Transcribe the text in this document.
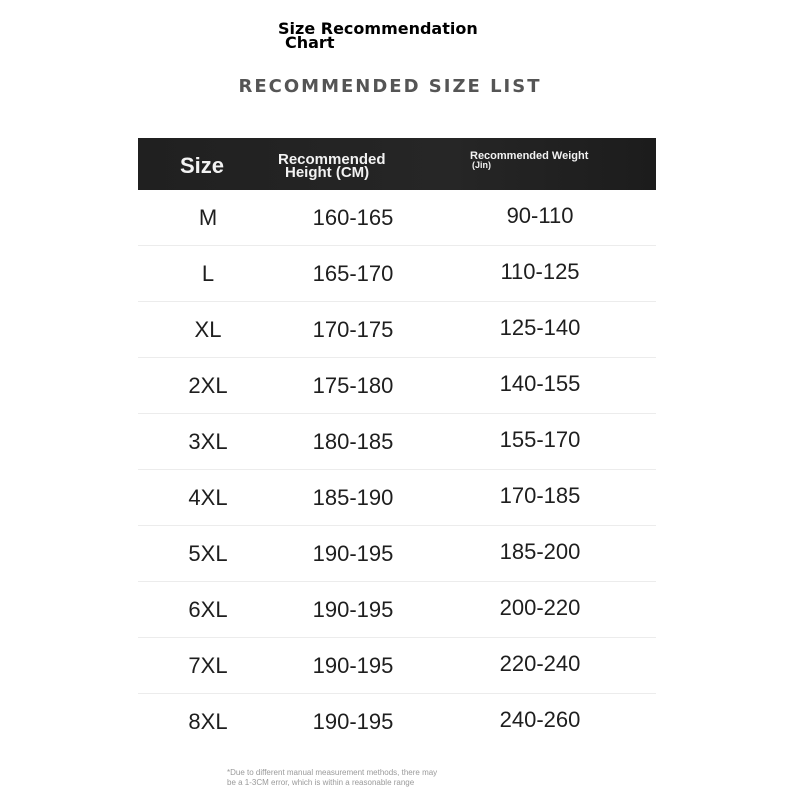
Size Recommendation
Chart
RECOMMENDED SIZE LIST
Size	Recommended
Height (CM)
Recommended Weight
(Jin)
M	160-165	90-110
L	165-170	110-125
XL	170-175	125-140
2XL	175-180	140-155
3XL	180-185	155-170
4XL	185-190	170-185
5XL	190-195	185-200
6XL	190-195	200-220
7XL	190-195	220-240
8XL	190-195	240-260

*Due to different manual measurement methods, there may
be a 1-3CM error, which is within a reasonable range
